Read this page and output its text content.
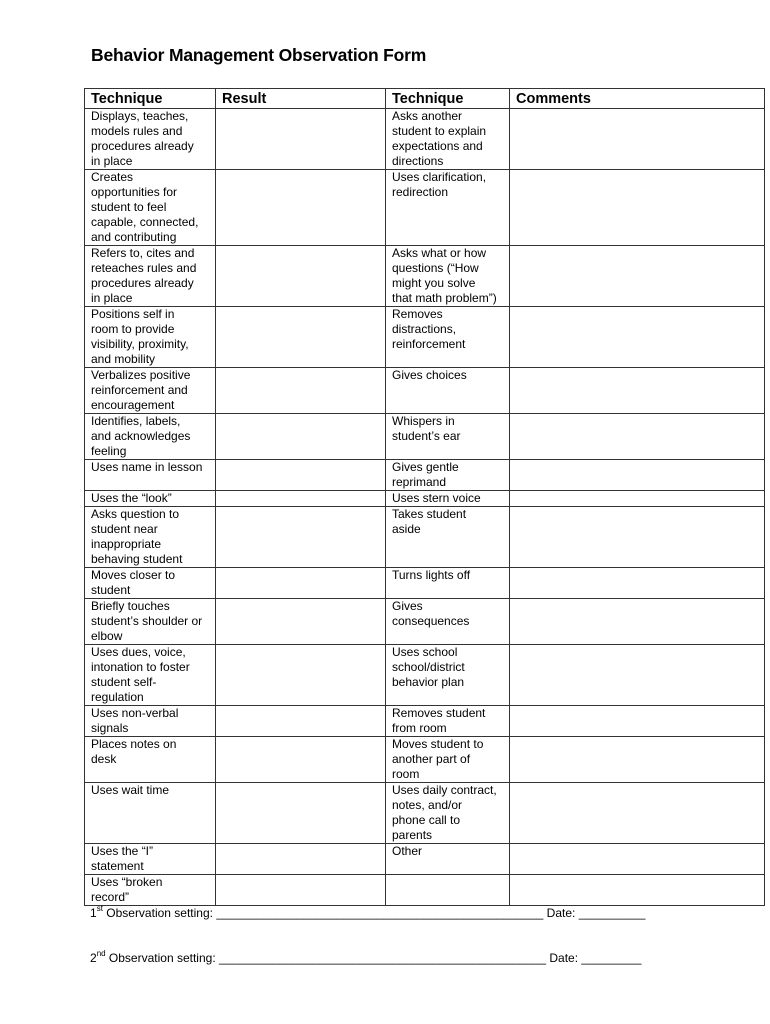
Behavior Management Observation Form
Technique	Result	Technique	Comments

Displays, teaches,
models rules and
procedures already
in place		Asks another
student to explain
expectations and
directions	

Creates
opportunities for
student to feel
capable, connected,
and contributing		Uses clarification,
redirection	

Refers to, cites and
reteaches rules and
procedures already
in place		Asks what or how
questions (“How
might you solve
that math problem”)	

Positions self in
room to provide
visibility, proximity,
and mobility		Removes
distractions,
reinforcement	

Verbalizes positive
reinforcement and
encouragement		Gives choices	

Identifies, labels,
and acknowledges
feeling		Whispers in
student’s ear	

Uses name in lesson		Gives gentle
reprimand	

Uses the “look”		Uses stern voice	

Asks question to
student near
inappropriate
behaving student		Takes student
aside	

Moves closer to
student		Turns lights off	

Briefly touches
student’s shoulder or
elbow		Gives
consequences	

Uses dues, voice,
intonation to foster
student self-
regulation		Uses school
school/district
behavior plan	

Uses non-verbal
signals		Removes student
from room	

Places notes on
desk		Moves student to
another part of
room	

Uses wait time		Uses daily contract,
notes, and/or
phone call to
parents	

Uses the “I”
statement		Other	

Uses “broken
record”			

1st Observation setting: _________________________________________________ Date: __________
2nd Observation setting: _________________________________________________ Date: _________
